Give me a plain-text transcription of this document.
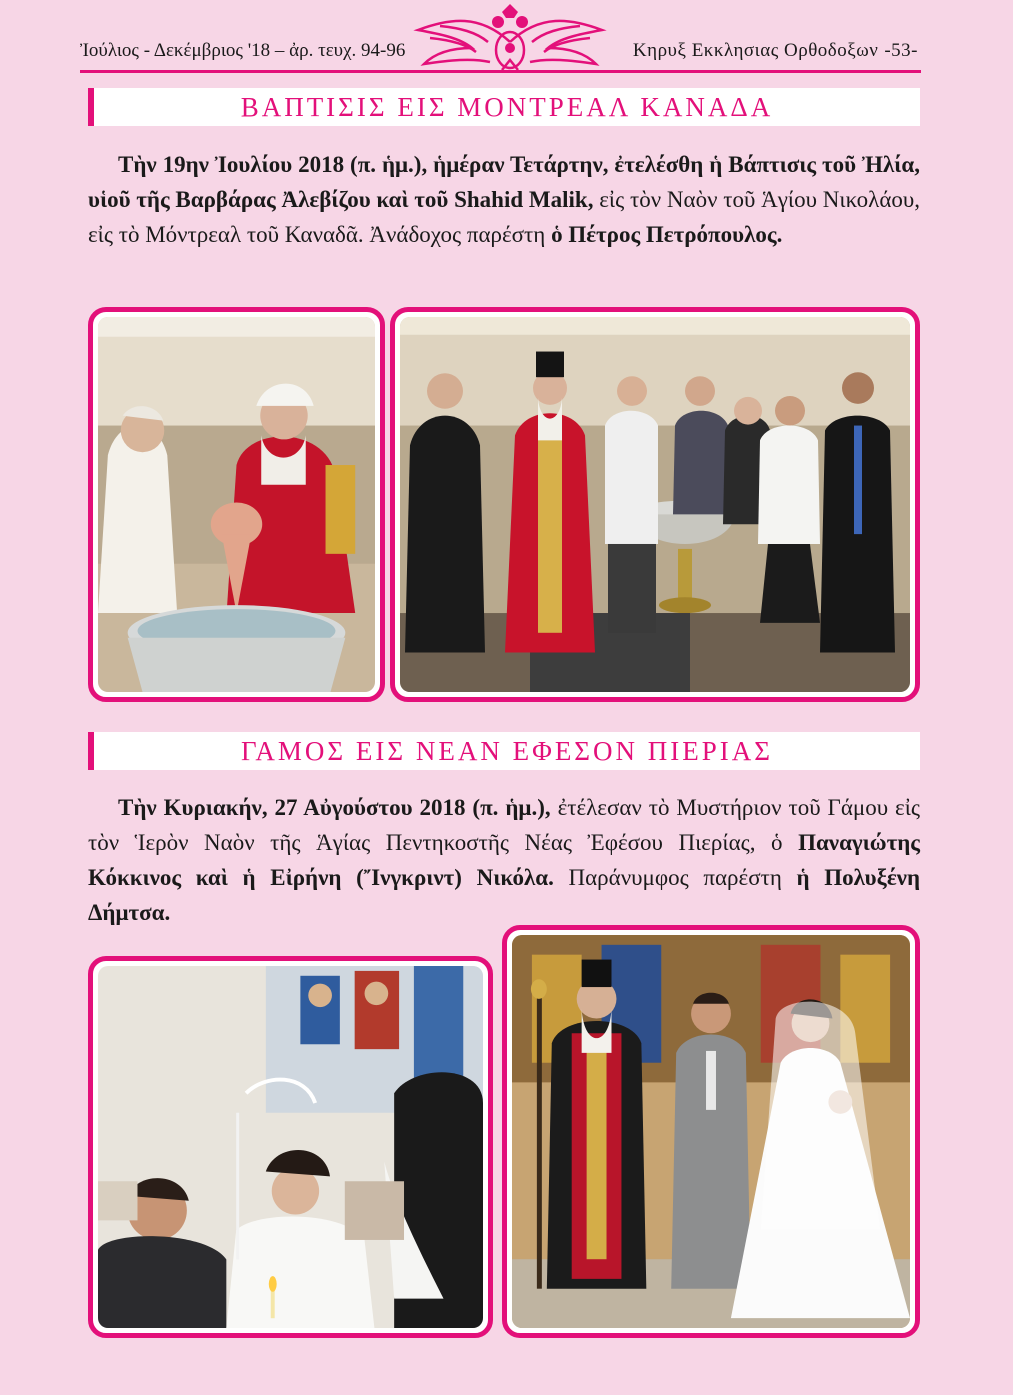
Ἰούλιος - Δεκέμβριος '18 – ἀρ. τευχ. 94-96	Κηρυξ Εκκλησιας Ορθοδοξων -53-
ΒΑΠΤΙΣΙΣ ΕΙΣ ΜΟΝΤΡΕΑΛ ΚΑΝΑΔΑ

Τὴν 19ην Ἰουλίου 2018 (π. ἡμ.), ἡμέραν Τετάρτην, ἐτελέσθη ἡ Βάπτισις τοῦ Ἠλία, υἱοῦ τῆς Βαρβάρας Ἀλεβίζου καὶ τοῦ Shahid Malik, εἰς τὸν Ναὸν τοῦ Ἁγίου Νικολάου, εἰς τὸ Μόντρεαλ τοῦ Καναδᾶ. Ἀνάδοχος παρέστη ὁ Πέτρος Πετρόπουλος.

ΓΑΜΟΣ ΕΙΣ ΝΕΑΝ ΕΦΕΣΟΝ ΠΙΕΡΙΑΣ

Τὴν Κυριακήν, 27 Αὐγούστου 2018 (π. ἡμ.), ἐτέλεσαν τὸ Μυστήριον τοῦ Γάμου εἰς τὸν Ἱερὸν Ναὸν τῆς Ἁγίας Πεντηκοστῆς Νέας Ἐφέσου Πιερίας, ὁ Παναγιώτης Κόκκινος καὶ ἡ Εἰρήνη (Ἴνγκριντ) Νικόλα. Παράνυμφος παρέστη ἡ Πολυξένη Δήμτσα.
